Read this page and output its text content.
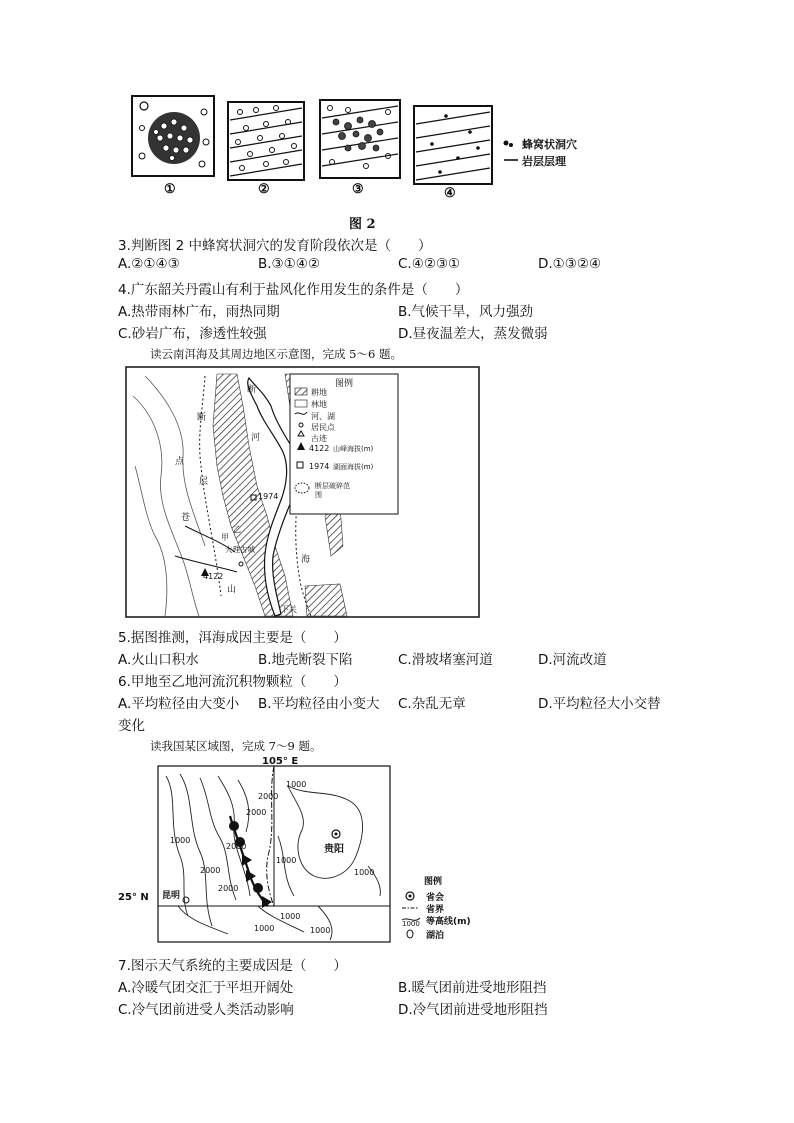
①	②	③	④
蜂窝状洞穴
岩层层理
图 2
3.判断图 2 中蜂窝状洞穴的发育阶段依次是（　　）
A.②①④③	B.③①④②	C.④②③①	D.①③②④
4.广东韶关丹霞山有利于盐风化作用发生的条件是（　　）
A.热带雨林广布，雨热同期	B.气候干旱，风力强劲
C.砂岩广布，渗透性较强	D.昼夜温差大，蒸发微弱
读云南洱海及其周边地区示意图，完成 5～6 题。
图例
耕地
林地
河、湖
居民点
古迹
4122 山峰海拔(m)
1974 湖面海拔(m)
断层破碎范围
断
断
点
层
苍
山
河
海
1974
4122
大理古城
甲
乙
下关
5.据图推测，洱海成因主要是（　　）
A.火山口积水	B.地壳断裂下陷	C.滑坡堵塞河道	D.河流改道
6.甲地至乙地河流沉积物颗粒（　　）
A.平均粒径由大变小 B.平均粒径由小变大 C.杂乱无章	D.平均粒径大小交替
变化
读我国某区域图，完成 7～9 题。
105° E
25° N
贵阳
昆明
2000
2000
1000
2000
1000
2000
2000
1000
1000
1000
1000	1000
图例
省会
省界
等高线(m)
1000
湖泊
7.图示天气系统的主要成因是（　　）
A.冷暖气团交汇于平坦开阔处	B.暖气团前进受地形阻挡
C.冷气团前进受人类活动影响	D.冷气团前进受地形阻挡
